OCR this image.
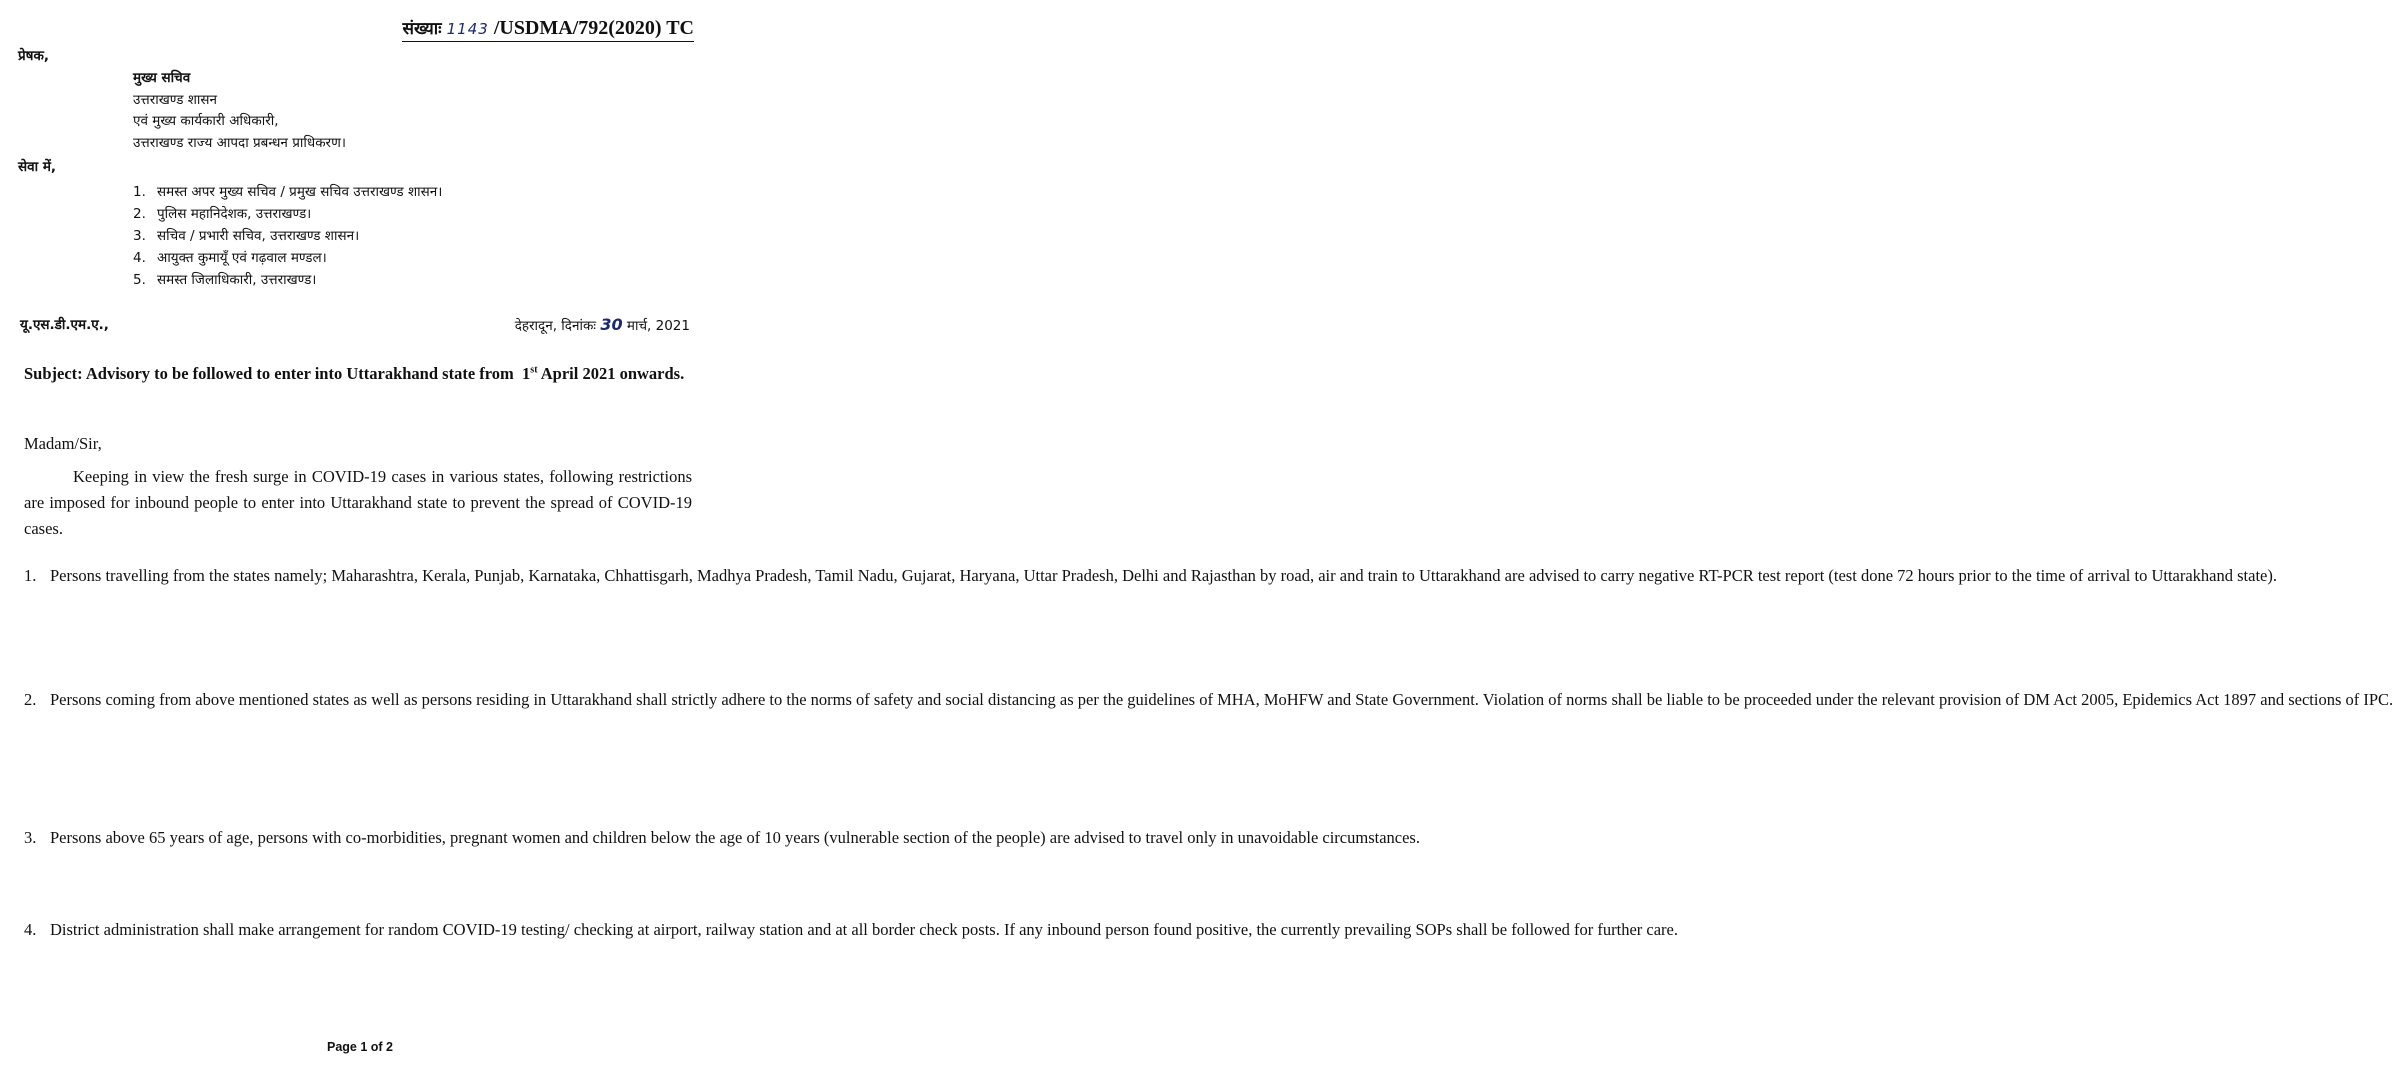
संख्याः 1143 /USDMA/792(2020) TC
प्रेषक,
मुख्य सचिव
उत्तराखण्ड शासन
एवं मुख्य कार्यकारी अधिकारी,
उत्तराखण्ड राज्य आपदा प्रबन्धन प्राधिकरण।
सेवा में,
1. समस्त अपर मुख्य सचिव / प्रमुख सचिव उत्तराखण्ड शासन।
2. पुलिस महानिदेशक, उत्तराखण्ड।
3. सचिव / प्रभारी सचिव, उत्तराखण्ड शासन।
4. आयुक्त कुमायूँ एवं गढ़वाल मण्डल।
5. समस्त जिलाधिकारी, उत्तराखण्ड।
यू.एस.डी.एम.ए.,	देहरादून, दिनांकः 30 मार्च, 2021
Subject: Advisory to be followed to enter into Uttarakhand state from 1st April 2021 onwards.
Madam/Sir,
Keeping in view the fresh surge in COVID-19 cases in various states, following restrictions are imposed for inbound people to enter into Uttarakhand state to prevent the spread of COVID-19 cases.
1. Persons travelling from the states namely; Maharashtra, Kerala, Punjab, Karnataka, Chhattisgarh, Madhya Pradesh, Tamil Nadu, Gujarat, Haryana, Uttar Pradesh, Delhi and Rajasthan by road, air and train to Uttarakhand are advised to carry negative RT-PCR test report (test done 72 hours prior to the time of arrival to Uttarakhand state).
2. Persons coming from above mentioned states as well as persons residing in Uttarakhand shall strictly adhere to the norms of safety and social distancing as per the guidelines of MHA, MoHFW and State Government. Violation of norms shall be liable to be proceeded under the relevant provision of DM Act 2005, Epidemics Act 1897 and sections of IPC.
3. Persons above 65 years of age, persons with co-morbidities, pregnant women and children below the age of 10 years (vulnerable section of the people) are advised to travel only in unavoidable circumstances.
4. District administration shall make arrangement for random COVID-19 testing/ checking at airport, railway station and at all border check posts. If any inbound person found positive, the currently prevailing SOPs shall be followed for further care.
Page 1 of 2
